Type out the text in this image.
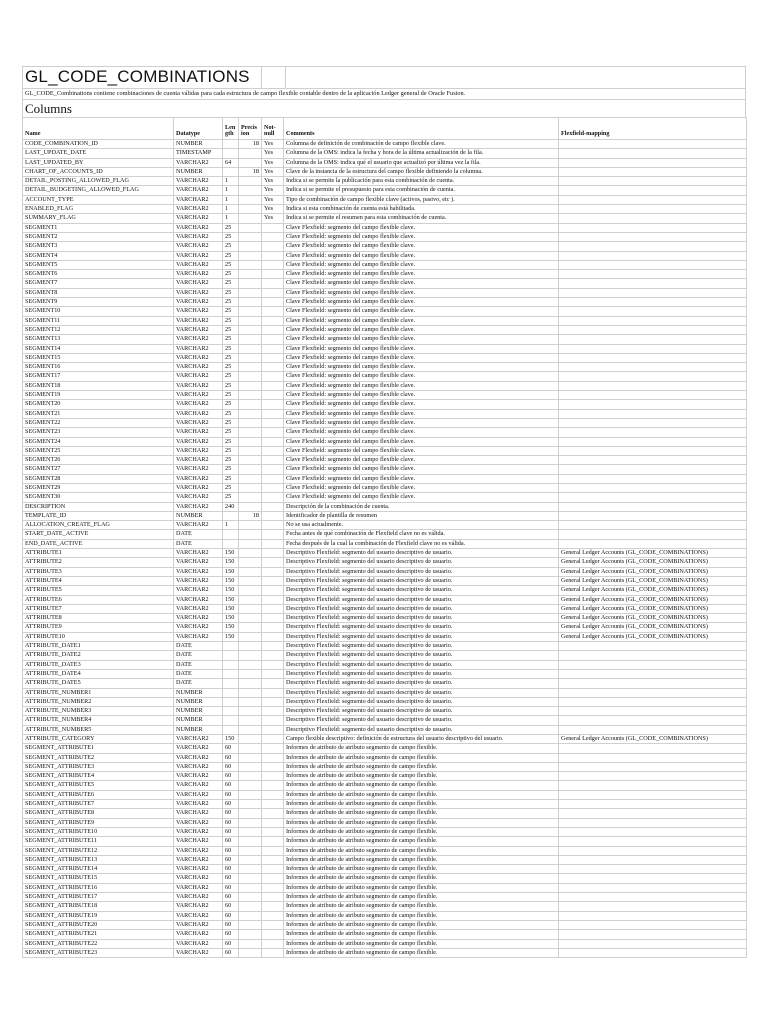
GL_CODE_COMBINATIONS
GL_CODE_Combinations contiene combinaciones de cuenta válidas para cada estructura de campo flexible contable dentro de la aplicación Ledger general de Oracle Fusion.
Columns
Name	Datatype	Len gth	Precis ion	Not-null	Comments	Flexfield-mapping
CODE_COMBINATION_ID	NUMBER		18	Yes	Columna de definición de combinación de campo flexible clave.	
LAST_UPDATE_DATE	TIMESTAMP			Yes	Columna de la OMS: indica la fecha y hora de la última actualización de la fila.	
LAST_UPDATED_BY	VARCHAR2	64		Yes	Columna de la OMS: indica qué el usuario que actualizó por última vez la fila.	
CHART_OF_ACCOUNTS_ID	NUMBER		18	Yes	Clave de la instancia de la estructura del campo flexible definiendo la columna.	
DETAIL_POSTING_ALLOWED_FLAG	VARCHAR2	1		Yes	Indica si se permite la publicación para esta combinación de cuenta.	
DETAIL_BUDGETING_ALLOWED_FLAG	VARCHAR2	1		Yes	Indica si se permite el presupuesto para esta combinación de cuenta.	
ACCOUNT_TYPE	VARCHAR2	1		Yes	Tipo de combinación de campo flexible clave (activos, pasivo, etc ).	
ENABLED_FLAG	VARCHAR2	1		Yes	Indica si esta combinación de cuenta está habilitada.	
SUMMARY_FLAG	VARCHAR2	1		Yes	Indica si se permite el resumen para esta combinación de cuenta.	
SEGMENT1	VARCHAR2	25			Clave Flexfield: segmento del campo flexible clave.	
SEGMENT2	VARCHAR2	25			Clave Flexfield: segmento del campo flexible clave.	
SEGMENT3	VARCHAR2	25			Clave Flexfield: segmento del campo flexible clave.	
SEGMENT4	VARCHAR2	25			Clave Flexfield: segmento del campo flexible clave.	
SEGMENT5	VARCHAR2	25			Clave Flexfield: segmento del campo flexible clave.	
SEGMENT6	VARCHAR2	25			Clave Flexfield: segmento del campo flexible clave.	
SEGMENT7	VARCHAR2	25			Clave Flexfield: segmento del campo flexible clave.	
SEGMENT8	VARCHAR2	25			Clave Flexfield: segmento del campo flexible clave.	
SEGMENT9	VARCHAR2	25			Clave Flexfield: segmento del campo flexible clave.	
SEGMENT10	VARCHAR2	25			Clave Flexfield: segmento del campo flexible clave.	
SEGMENT11	VARCHAR2	25			Clave Flexfield: segmento del campo flexible clave.	
SEGMENT12	VARCHAR2	25			Clave Flexfield: segmento del campo flexible clave.	
SEGMENT13	VARCHAR2	25			Clave Flexfield: segmento del campo flexible clave.	
SEGMENT14	VARCHAR2	25			Clave Flexfield: segmento del campo flexible clave.	
SEGMENT15	VARCHAR2	25			Clave Flexfield: segmento del campo flexible clave.	
SEGMENT16	VARCHAR2	25			Clave Flexfield: segmento del campo flexible clave.	
SEGMENT17	VARCHAR2	25			Clave Flexfield: segmento del campo flexible clave.	
SEGMENT18	VARCHAR2	25			Clave Flexfield: segmento del campo flexible clave.	
SEGMENT19	VARCHAR2	25			Clave Flexfield: segmento del campo flexible clave.	
SEGMENT20	VARCHAR2	25			Clave Flexfield: segmento del campo flexible clave.	
SEGMENT21	VARCHAR2	25			Clave Flexfield: segmento del campo flexible clave.	
SEGMENT22	VARCHAR2	25			Clave Flexfield: segmento del campo flexible clave.	
SEGMENT23	VARCHAR2	25			Clave Flexfield: segmento del campo flexible clave.	
SEGMENT24	VARCHAR2	25			Clave Flexfield: segmento del campo flexible clave.	
SEGMENT25	VARCHAR2	25			Clave Flexfield: segmento del campo flexible clave.	
SEGMENT26	VARCHAR2	25			Clave Flexfield: segmento del campo flexible clave.	
SEGMENT27	VARCHAR2	25			Clave Flexfield: segmento del campo flexible clave.	
SEGMENT28	VARCHAR2	25			Clave Flexfield: segmento del campo flexible clave.	
SEGMENT29	VARCHAR2	25			Clave Flexfield: segmento del campo flexible clave.	
SEGMENT30	VARCHAR2	25			Clave Flexfield: segmento del campo flexible clave.	
DESCRIPTION	VARCHAR2	240			Descripción de la combinación de cuenta.	
TEMPLATE_ID	NUMBER		18		Identificador de plantilla de resumen	
ALLOCATION_CREATE_FLAG	VARCHAR2	1			No se usa actualmente.	
START_DATE_ACTIVE	DATE				Fecha antes de qué combinación de Flexfield clave no es válida.	
END_DATE_ACTIVE	DATE				Fecha después de la cual la combinación de Flexfield clave no es válida.	
ATTRIBUTE1	VARCHAR2	150			Descriptivo Flexfield: segmento del usuario descriptivo de usuario.	General Ledger Accounts (GL_CODE_COMBINATIONS)
ATTRIBUTE2	VARCHAR2	150			Descriptivo Flexfield: segmento del usuario descriptivo de usuario.	General Ledger Accounts (GL_CODE_COMBINATIONS)
ATTRIBUTE3	VARCHAR2	150			Descriptivo Flexfield: segmento del usuario descriptivo de usuario.	General Ledger Accounts (GL_CODE_COMBINATIONS)
ATTRIBUTE4	VARCHAR2	150			Descriptivo Flexfield: segmento del usuario descriptivo de usuario.	General Ledger Accounts (GL_CODE_COMBINATIONS)
ATTRIBUTE5	VARCHAR2	150			Descriptivo Flexfield: segmento del usuario descriptivo de usuario.	General Ledger Accounts (GL_CODE_COMBINATIONS)
ATTRIBUTE6	VARCHAR2	150			Descriptivo Flexfield: segmento del usuario descriptivo de usuario.	General Ledger Accounts (GL_CODE_COMBINATIONS)
ATTRIBUTE7	VARCHAR2	150			Descriptivo Flexfield: segmento del usuario descriptivo de usuario.	General Ledger Accounts (GL_CODE_COMBINATIONS)
ATTRIBUTE8	VARCHAR2	150			Descriptivo Flexfield: segmento del usuario descriptivo de usuario.	General Ledger Accounts (GL_CODE_COMBINATIONS)
ATTRIBUTE9	VARCHAR2	150			Descriptivo Flexfield: segmento del usuario descriptivo de usuario.	General Ledger Accounts (GL_CODE_COMBINATIONS)
ATTRIBUTE10	VARCHAR2	150			Descriptivo Flexfield: segmento del usuario descriptivo de usuario.	General Ledger Accounts (GL_CODE_COMBINATIONS)
ATTRIBUTE_DATE1	DATE				Descriptivo Flexfield: segmento del usuario descriptivo de usuario.	
ATTRIBUTE_DATE2	DATE				Descriptivo Flexfield: segmento del usuario descriptivo de usuario.	
ATTRIBUTE_DATE3	DATE				Descriptivo Flexfield: segmento del usuario descriptivo de usuario.	
ATTRIBUTE_DATE4	DATE				Descriptivo Flexfield: segmento del usuario descriptivo de usuario.	
ATTRIBUTE_DATE5	DATE				Descriptivo Flexfield: segmento del usuario descriptivo de usuario.	
ATTRIBUTE_NUMBER1	NUMBER				Descriptivo Flexfield: segmento del usuario descriptivo de usuario.	
ATTRIBUTE_NUMBER2	NUMBER				Descriptivo Flexfield: segmento del usuario descriptivo de usuario.	
ATTRIBUTE_NUMBER3	NUMBER				Descriptivo Flexfield: segmento del usuario descriptivo de usuario.	
ATTRIBUTE_NUMBER4	NUMBER				Descriptivo Flexfield: segmento del usuario descriptivo de usuario.	
ATTRIBUTE_NUMBER5	NUMBER				Descriptivo Flexfield: segmento del usuario descriptivo de usuario.	
ATTRIBUTE_CATEGORY	VARCHAR2	150			Campo flexible descriptivo: definición de estructura del usuario descriptivo del usuario.	General Ledger Accounts (GL_CODE_COMBINATIONS)
SEGMENT_ATTRIBUTE1	VARCHAR2	60			Informes de atributo de atributo segmento de campo flexible.	
SEGMENT_ATTRIBUTE2	VARCHAR2	60			Informes de atributo de atributo segmento de campo flexible.	
SEGMENT_ATTRIBUTE3	VARCHAR2	60			Informes de atributo de atributo segmento de campo flexible.	
SEGMENT_ATTRIBUTE4	VARCHAR2	60			Informes de atributo de atributo segmento de campo flexible.	
SEGMENT_ATTRIBUTE5	VARCHAR2	60			Informes de atributo de atributo segmento de campo flexible.	
SEGMENT_ATTRIBUTE6	VARCHAR2	60			Informes de atributo de atributo segmento de campo flexible.	
SEGMENT_ATTRIBUTE7	VARCHAR2	60			Informes de atributo de atributo segmento de campo flexible.	
SEGMENT_ATTRIBUTE8	VARCHAR2	60			Informes de atributo de atributo segmento de campo flexible.	
SEGMENT_ATTRIBUTE9	VARCHAR2	60			Informes de atributo de atributo segmento de campo flexible.	
SEGMENT_ATTRIBUTE10	VARCHAR2	60			Informes de atributo de atributo segmento de campo flexible.	
SEGMENT_ATTRIBUTE11	VARCHAR2	60			Informes de atributo de atributo segmento de campo flexible.	
SEGMENT_ATTRIBUTE12	VARCHAR2	60			Informes de atributo de atributo segmento de campo flexible.	
SEGMENT_ATTRIBUTE13	VARCHAR2	60			Informes de atributo de atributo segmento de campo flexible.	
SEGMENT_ATTRIBUTE14	VARCHAR2	60			Informes de atributo de atributo segmento de campo flexible.	
SEGMENT_ATTRIBUTE15	VARCHAR2	60			Informes de atributo de atributo segmento de campo flexible.	
SEGMENT_ATTRIBUTE16	VARCHAR2	60			Informes de atributo de atributo segmento de campo flexible.	
SEGMENT_ATTRIBUTE17	VARCHAR2	60			Informes de atributo de atributo segmento de campo flexible.	
SEGMENT_ATTRIBUTE18	VARCHAR2	60			Informes de atributo de atributo segmento de campo flexible.	
SEGMENT_ATTRIBUTE19	VARCHAR2	60			Informes de atributo de atributo segmento de campo flexible.	
SEGMENT_ATTRIBUTE20	VARCHAR2	60			Informes de atributo de atributo segmento de campo flexible.	
SEGMENT_ATTRIBUTE21	VARCHAR2	60			Informes de atributo de atributo segmento de campo flexible.	
SEGMENT_ATTRIBUTE22	VARCHAR2	60			Informes de atributo de atributo segmento de campo flexible.	
SEGMENT_ATTRIBUTE23	VARCHAR2	60			Informes de atributo de atributo segmento de campo flexible.	
